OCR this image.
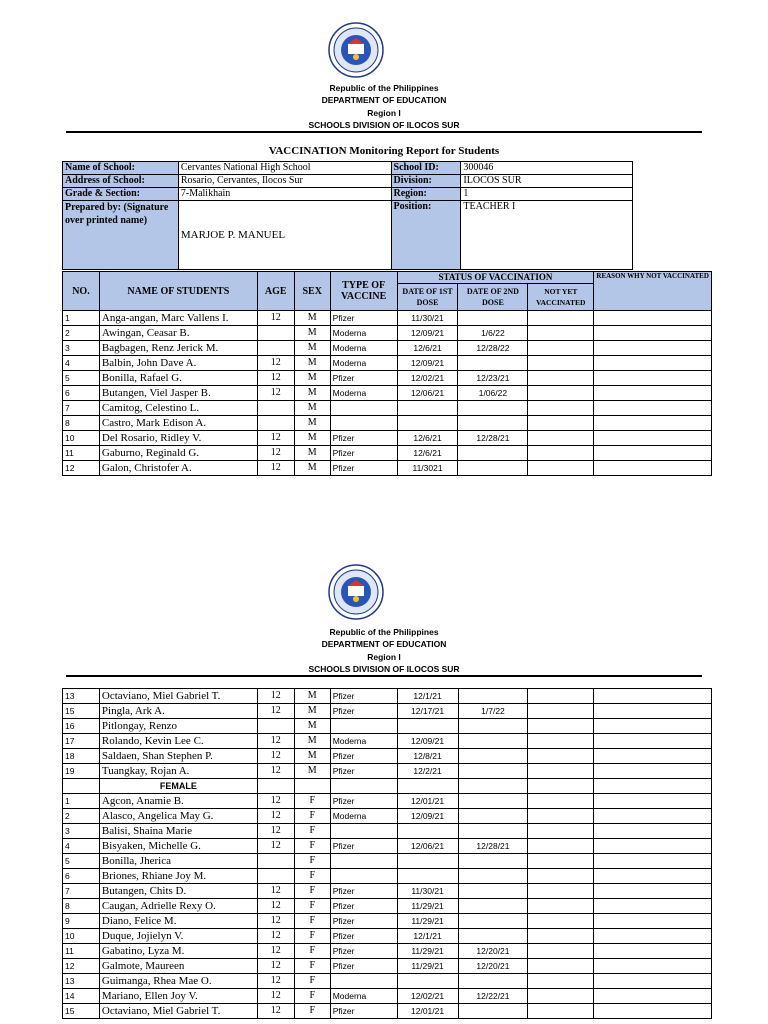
Republic of the Philippines
DEPARTMENT OF EDUCATION
Region I
SCHOOLS DIVISION OF ILOCOS SUR
VACCINATION Monitoring Report for Students
Name of School:	Cervantes National High School	School ID:	300046
Address of School:	Rosario, Cervantes, Ilocos Sur	Division:	ILOCOS SUR
Grade & Section:	7-Malikhain	Region:	1
Prepared by: (Signature over printed name)	MARJOE P. MANUEL	Position:	TEACHER I
NO.	NAME OF STUDENTS	AGE	SEX	TYPE OF VACCINE	STATUS OF VACCINATION			REASON WHY NOT VACCINATED
					DATE OF 1ST DOSE	DATE OF 2ND DOSE	NOT YET VACCINATED	
1	Anga-angan, Marc Vallens I.	12	M	Pfizer	11/30/21			
2	Awingan, Ceasar B.		M	Moderna	12/09/21	1/6/22		
3	Bagbagen, Renz Jerick M.		M	Moderna	12/6/21	12/28/22		
4	Balbin, John Dave A.	12	M	Moderna	12/09/21			
5	Bonilla, Rafael G.	12	M	Pfizer	12/02/21	12/23/21		
6	Butangen, Viel Jasper B.	12	M	Moderna	12/06/21	1/06/22		
7	Camitog, Celestino L.		M					
8	Castro, Mark Edison A.		M					
10	Del Rosario, Ridley V.	12	M	Pfizer	12/6/21	12/28/21		
11	Gaburno, Reginald G.	12	M	Pfizer	12/6/21			
12	Galon, Christofer A.	12	M	Pfizer	11/3021			
Republic of the Philippines
DEPARTMENT OF EDUCATION
Region I
SCHOOLS DIVISION OF ILOCOS SUR
13	Octaviano, Miel Gabriel T.	12	M	Pfizer	12/1/21			
15	Pingla, Ark A.	12	M	Pfizer	12/17/21	1/7/22		
16	Pitlongay, Renzo		M					
17	Rolando, Kevin Lee C.	12	M	Moderna	12/09/21			
18	Saldaen, Shan Stephen P.	12	M	Pfizer	12/8/21			
19	Tuangkay, Rojan A.	12	M	Pfizer	12/2/21			
	FEMALE							
1	Agcon, Anamie B.	12	F	Pfizer	12/01/21			
2	Alasco, Angelica May G.	12	F	Moderna	12/09/21			
3	Balisi, Shaina Marie	12	F					
4	Bisyaken, Michelle G.	12	F	Pfizer	12/06/21	12/28/21		
5	Bonilla, Jherica		F					
6	Briones, Rhiane Joy M.		F					
7	Butangen, Chits D.	12	F	Pfizer	11/30/21			
8	Caugan, Adrielle Rexy O.	12	F	Pfizer	11/29/21			
9	Diano, Felice M.	12	F	Pfizer	11/29/21			
10	Duque, Jojielyn V.	12	F	Pfizer	12/1/21			
11	Gabatino, Lyza M.	12	F	Pfizer	11/29/21	12/20/21		
12	Galmote, Maureen	12	F	Pfizer	11/29/21	12/20/21		
13	Guimanga, Rhea Mae O.	12	F					
14	Mariano, Ellen Joy V.	12	F	Moderna	12/02/21	12/22/21		
15	Octaviano, Miel Gabriel T.	12	F	Pfizer	12/01/21			
